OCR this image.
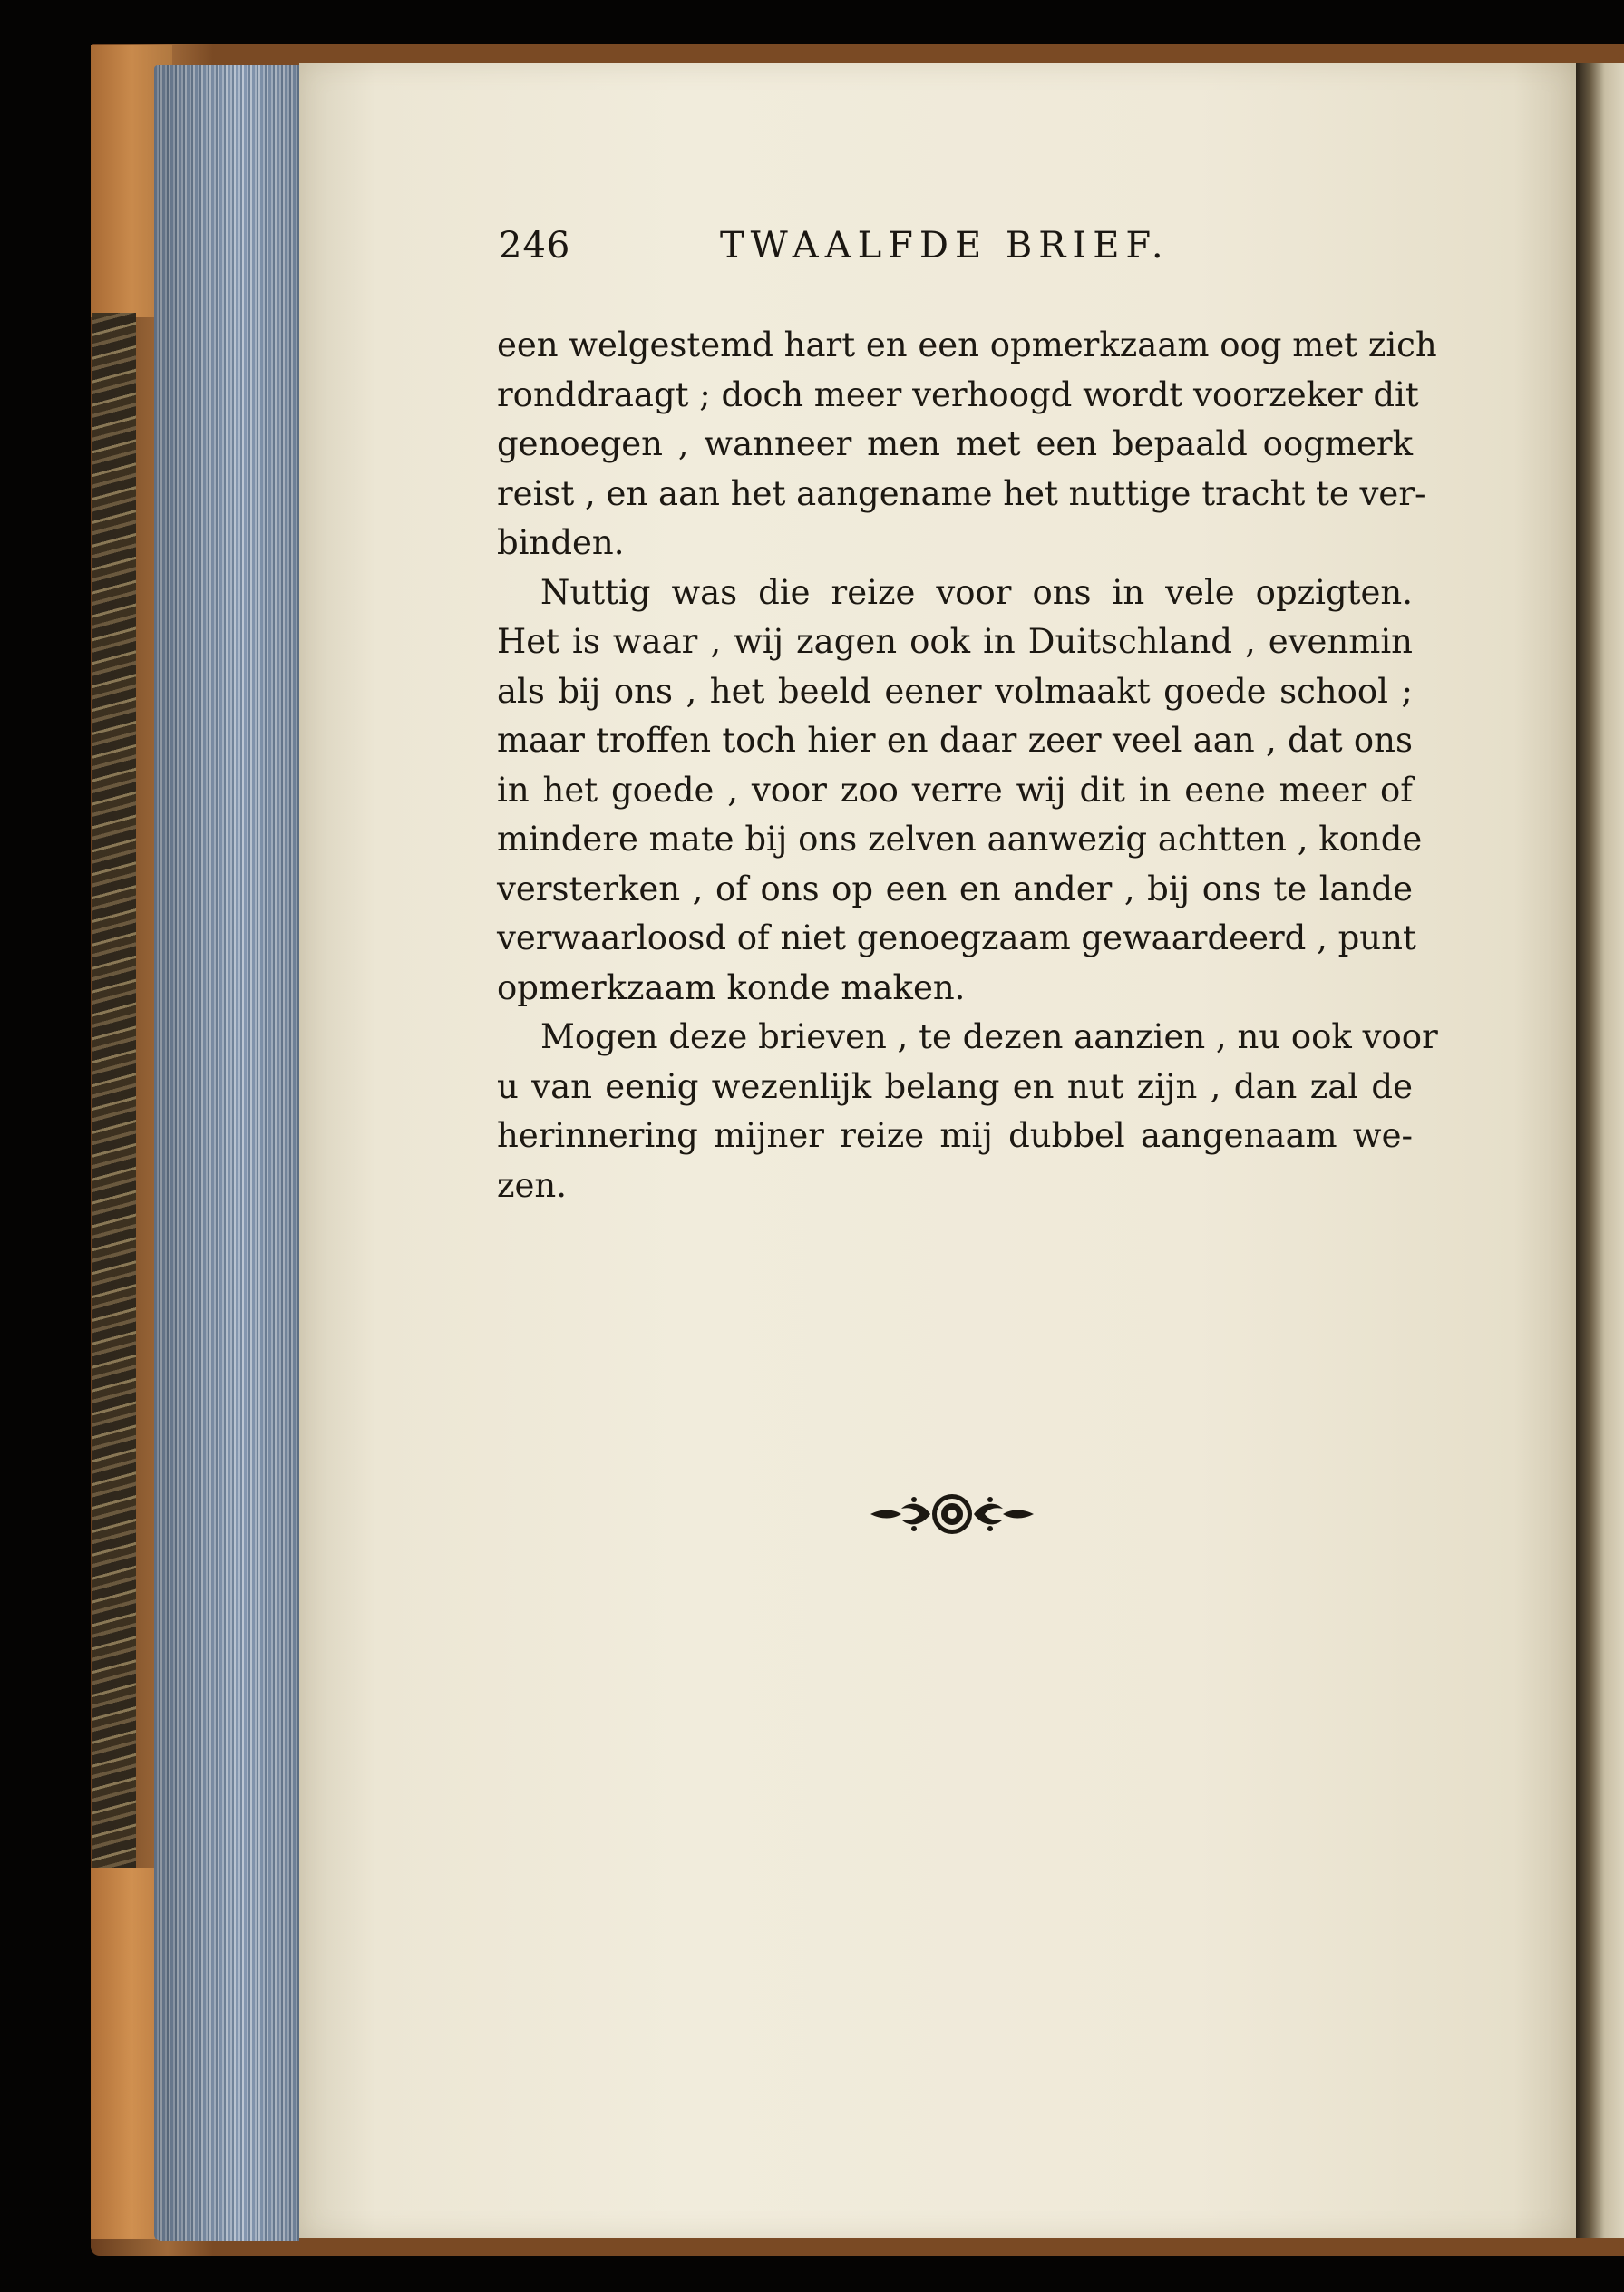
246	TWAALFDE BRIEF.
een welgestemd hart en een opmerkzaam oog met zich
ronddraagt ; doch meer verhoogd wordt voorzeker dit
genoegen , wanneer men met een bepaald oogmerk
reist , en aan het aangename het nuttige tracht te ver-
binden.
Nuttig was die reize voor ons in vele opzigten.
Het is waar , wij zagen ook in Duitschland , evenmin
als bij ons , het beeld eener volmaakt goede school ;
maar troffen toch hier en daar zeer veel aan , dat ons
in het goede , voor zoo verre wij dit in eene meer of
mindere mate bij ons zelven aanwezig achtten , konde
versterken , of ons op een en ander , bij ons te lande
verwaarloosd of niet genoegzaam gewaardeerd , punt
opmerkzaam konde maken.
Mogen deze brieven , te dezen aanzien , nu ook voor
u van eenig wezenlijk belang en nut zijn , dan zal de
herinnering mijner reize mij dubbel aangenaam we-
zen.
